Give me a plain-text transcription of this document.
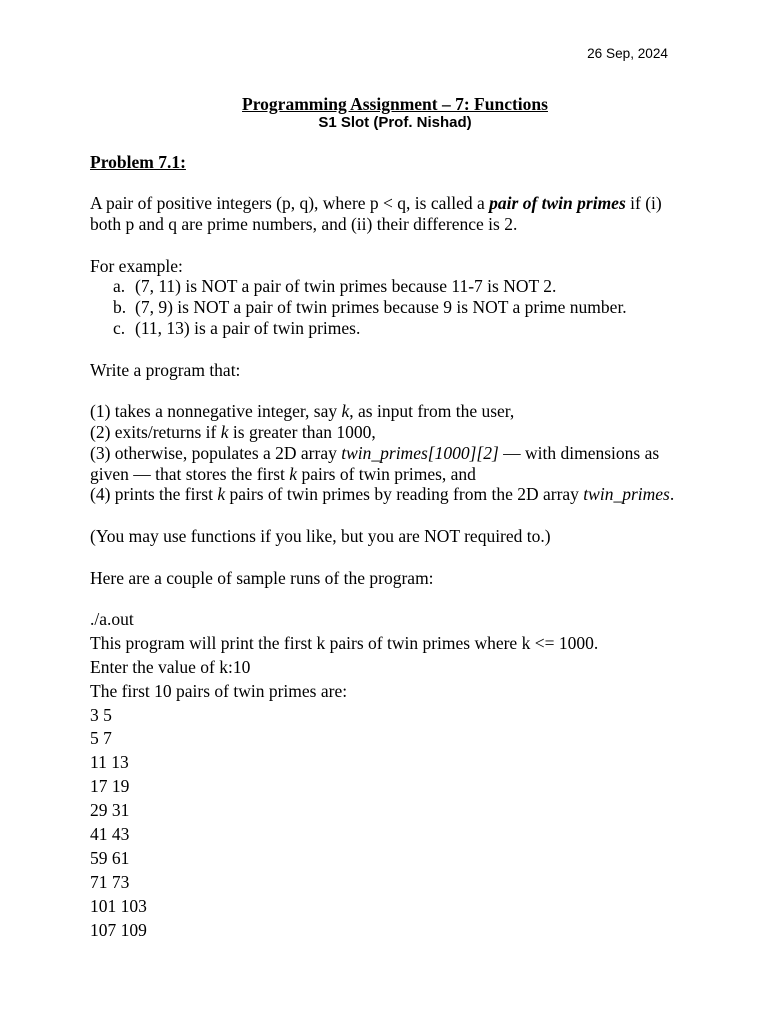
26 Sep, 2024
Programming Assignment – 7: Functions
S1 Slot (Prof. Nishad)
Problem 7.1:
A pair of positive integers (p, q), where p < q, is called a pair of twin primes if (i) both p and q are prime numbers, and (ii) their difference is 2.
For example:
a. (7, 11) is NOT a pair of twin primes because 11-7 is NOT 2.
b. (7, 9) is NOT a pair of twin primes because 9 is NOT a prime number.
c. (11, 13) is a pair of twin primes.
Write a program that:
(1) takes a nonnegative integer, say k, as input from the user,
(2) exits/returns if k is greater than 1000,
(3) otherwise, populates a 2D array twin_primes[1000][2] — with dimensions as given — that stores the first k pairs of twin primes, and
(4) prints the first k pairs of twin primes by reading from the 2D array twin_primes.
(You may use functions if you like, but you are NOT required to.)
Here are a couple of sample runs of the program:
./a.out
This program will print the first k pairs of twin primes where k <= 1000.
Enter the value of k:10
The first 10 pairs of twin primes are:
3 5
5 7
11 13
17 19
29 31
41 43
59 61
71 73
101 103
107 109
